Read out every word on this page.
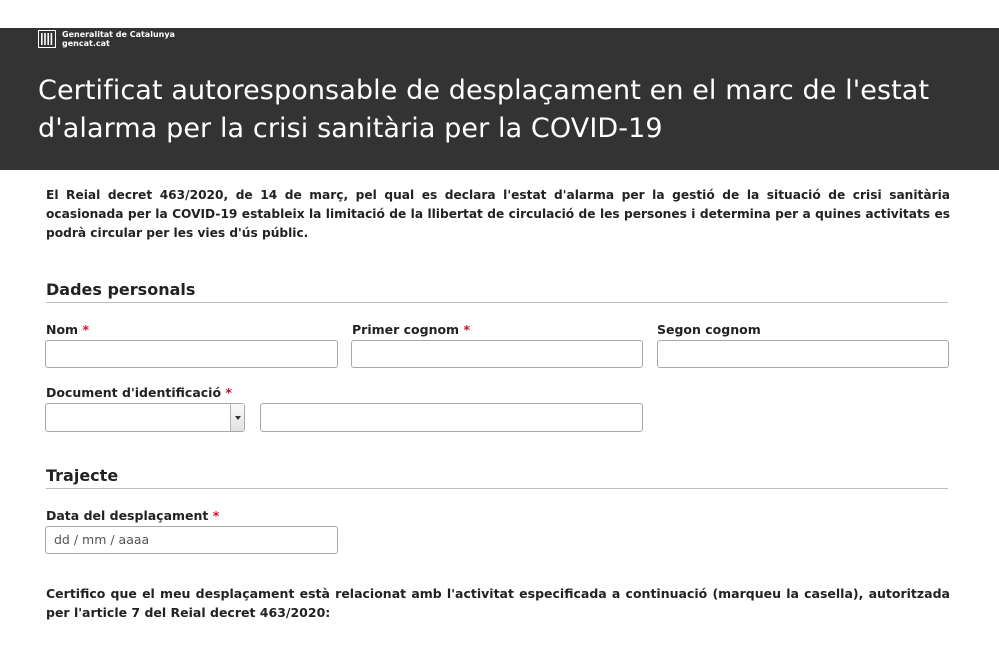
Generalitat de Catalunya
gencat.cat
Certificat autoresponsable de desplaçament en el marc de l'estat d'alarma per la crisi sanitària per la COVID-19

El Reial decret 463/2020, de 14 de març, pel qual es declara l'estat d'alarma per la gestió de la situació de crisi sanitària ocasionada per la COVID-19 estableix la limitació de la llibertat de circulació de les persones i determina per a quines activitats es podrà circular per les vies d'ús públic.

Dades personals
Nom *	Primer cognom *	Segon cognom
Document d'identificació *
Trajecte
Data del desplaçament *
dd / mm / aaaa

Certifico que el meu desplaçament està relacionat amb l'activitat especificada a continuació (marqueu la casella), autoritzada per l'article 7 del Reial decret 463/2020:
